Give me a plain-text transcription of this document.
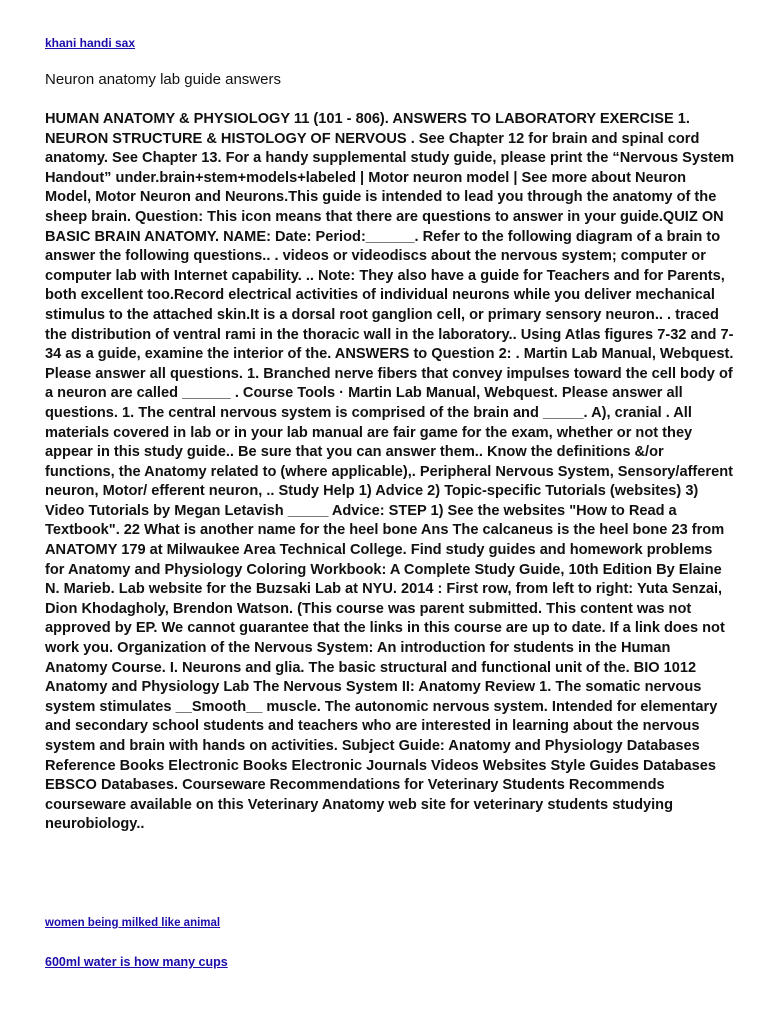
khani handi sax
Neuron anatomy lab guide answers

HUMAN ANATOMY & PHYSIOLOGY 11 (101 - 806). ANSWERS TO LABORATORY EXERCISE 1. NEURON STRUCTURE & HISTOLOGY OF NERVOUS . See Chapter 12 for brain and spinal cord anatomy. See Chapter 13. For a handy supplemental study guide, please print the “Nervous System Handout” under.brain+stem+models+labeled | Motor neuron model | See more about Neuron Model, Motor Neuron and Neurons.This guide is intended to lead you through the anatomy of the sheep brain. Question: This icon means that there are questions to answer in your guide.QUIZ ON BASIC BRAIN ANATOMY. NAME: Date: Period:______. Refer to the following diagram of a brain to answer the following questions.. . videos or videodiscs about the nervous system; computer or computer lab with Internet capability. .. Note: They also have a guide for Teachers and for Parents, both excellent too.Record electrical activities of individual neurons while you deliver mechanical stimulus to the attached skin.It is a dorsal root ganglion cell, or primary sensory neuron.. . traced the distribution of ventral rami in the thoracic wall in the laboratory.. Using Atlas figures 7-32 and 7-34 as a guide, examine the interior of the. ANSWERS to Question 2: . Martin Lab Manual, Webquest. Please answer all questions. 1. Branched nerve fibers that convey impulses toward the cell body of a neuron are called ______ . Course Tools · Martin Lab Manual, Webquest. Please answer all questions. 1. The central nervous system is comprised of the brain and _____. A), cranial . All materials covered in lab or in your lab manual are fair game for the exam, whether or not they appear in this study guide.. Be sure that you can answer them.. Know the definitions &/or functions, the Anatomy related to (where applicable),. Peripheral Nervous System, Sensory/afferent neuron, Motor/ efferent neuron, .. Study Help 1) Advice 2) Topic-specific Tutorials (websites) 3) Video Tutorials by Megan Letavish _____ Advice: STEP 1) See the websites "How to Read a Textbook". 22 What is another name for the heel bone Ans The calcaneus is the heel bone 23 from ANATOMY 179 at Milwaukee Area Technical College. Find study guides and homework problems for Anatomy and Physiology Coloring Workbook: A Complete Study Guide, 10th Edition By Elaine N. Marieb. Lab website for the Buzsaki Lab at NYU. 2014 : First row, from left to right: Yuta Senzai, Dion Khodagholy, Brendon Watson. (This course was parent submitted. This content was not approved by EP. We cannot guarantee that the links in this course are up to date. If a link does not work you. Organization of the Nervous System: An introduction for students in the Human Anatomy Course. I. Neurons and glia. The basic structural and functional unit of the. BIO 1012 Anatomy and Physiology Lab The Nervous System II: Anatomy Review 1. The somatic nervous system stimulates __Smooth__ muscle. The autonomic nervous system. Intended for elementary and secondary school students and teachers who are interested in learning about the nervous system and brain with hands on activities. Subject Guide: Anatomy and Physiology Databases Reference Books Electronic Books Electronic Journals Videos Websites Style Guides Databases EBSCO Databases. Courseware Recommendations for Veterinary Students Recommends courseware available on this Veterinary Anatomy web site for veterinary students studying neurobiology..

women being milked like animal
600ml water is how many cups
